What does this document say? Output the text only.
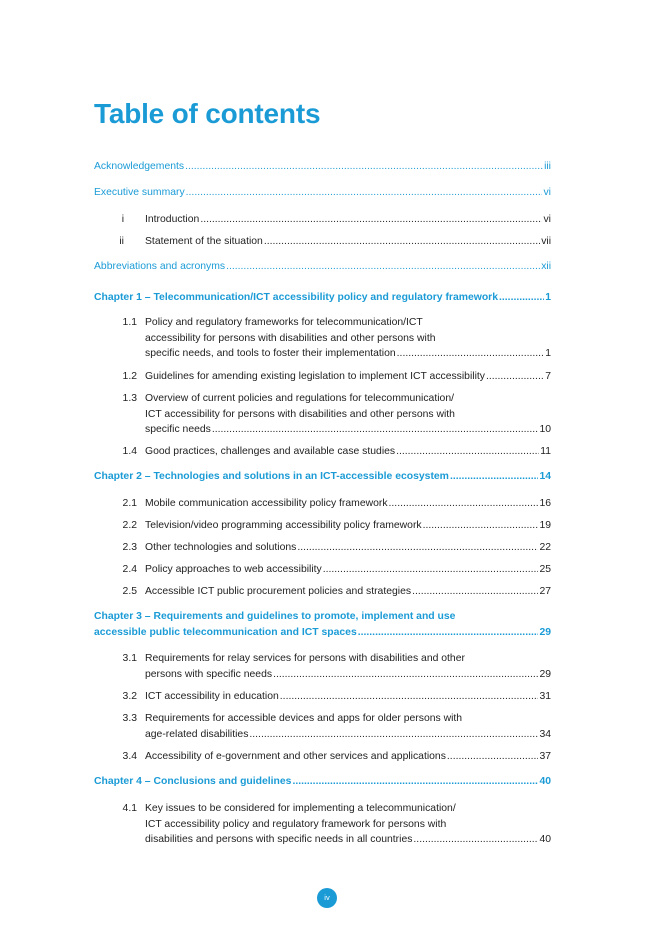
Table of contents
Acknowledgements .....	iii
Executive summary .....	vi
i Introduction .....	vi
ii Statement of the situation .....	vii
Abbreviations and acronyms .....	xii
Chapter 1 – Telecommunication/ICT accessibility policy and regulatory framework .....	1
1.1 Policy and regulatory frameworks for telecommunication/ICT
accessibility for persons with disabilities and other persons with
specific needs, and tools to foster their implementation .....	1
1.2 Guidelines for amending existing legislation to implement ICT accessibility .....	7
1.3 Overview of current policies and regulations for telecommunication/
ICT accessibility for persons with disabilities and other persons with
specific needs .....	10
1.4 Good practices, challenges and available case studies .....	11
Chapter 2 – Technologies and solutions in an ICT-accessible ecosystem .....	14
2.1 Mobile communication accessibility policy framework .....	16
2.2 Television/video programming accessibility policy framework .....	19
2.3 Other technologies and solutions .....	22
2.4 Policy approaches to web accessibility .....	25
2.5 Accessible ICT public procurement policies and strategies .....	27
Chapter 3 – Requirements and guidelines to promote, implement and use
accessible public telecommunication and ICT spaces .....	29
3.1 Requirements for relay services for persons with disabilities and other
persons with specific needs .....	29
3.2 ICT accessibility in education .....	31
3.3 Requirements for accessible devices and apps for older persons with
age-related disabilities .....	34
3.4 Accessibility of e-government and other services and applications .....	37
Chapter 4 – Conclusions and guidelines .....	40
4.1 Key issues to be considered for implementing a telecommunication/
ICT accessibility policy and regulatory framework for persons with
disabilities and persons with specific needs in all countries .....	40
iv
